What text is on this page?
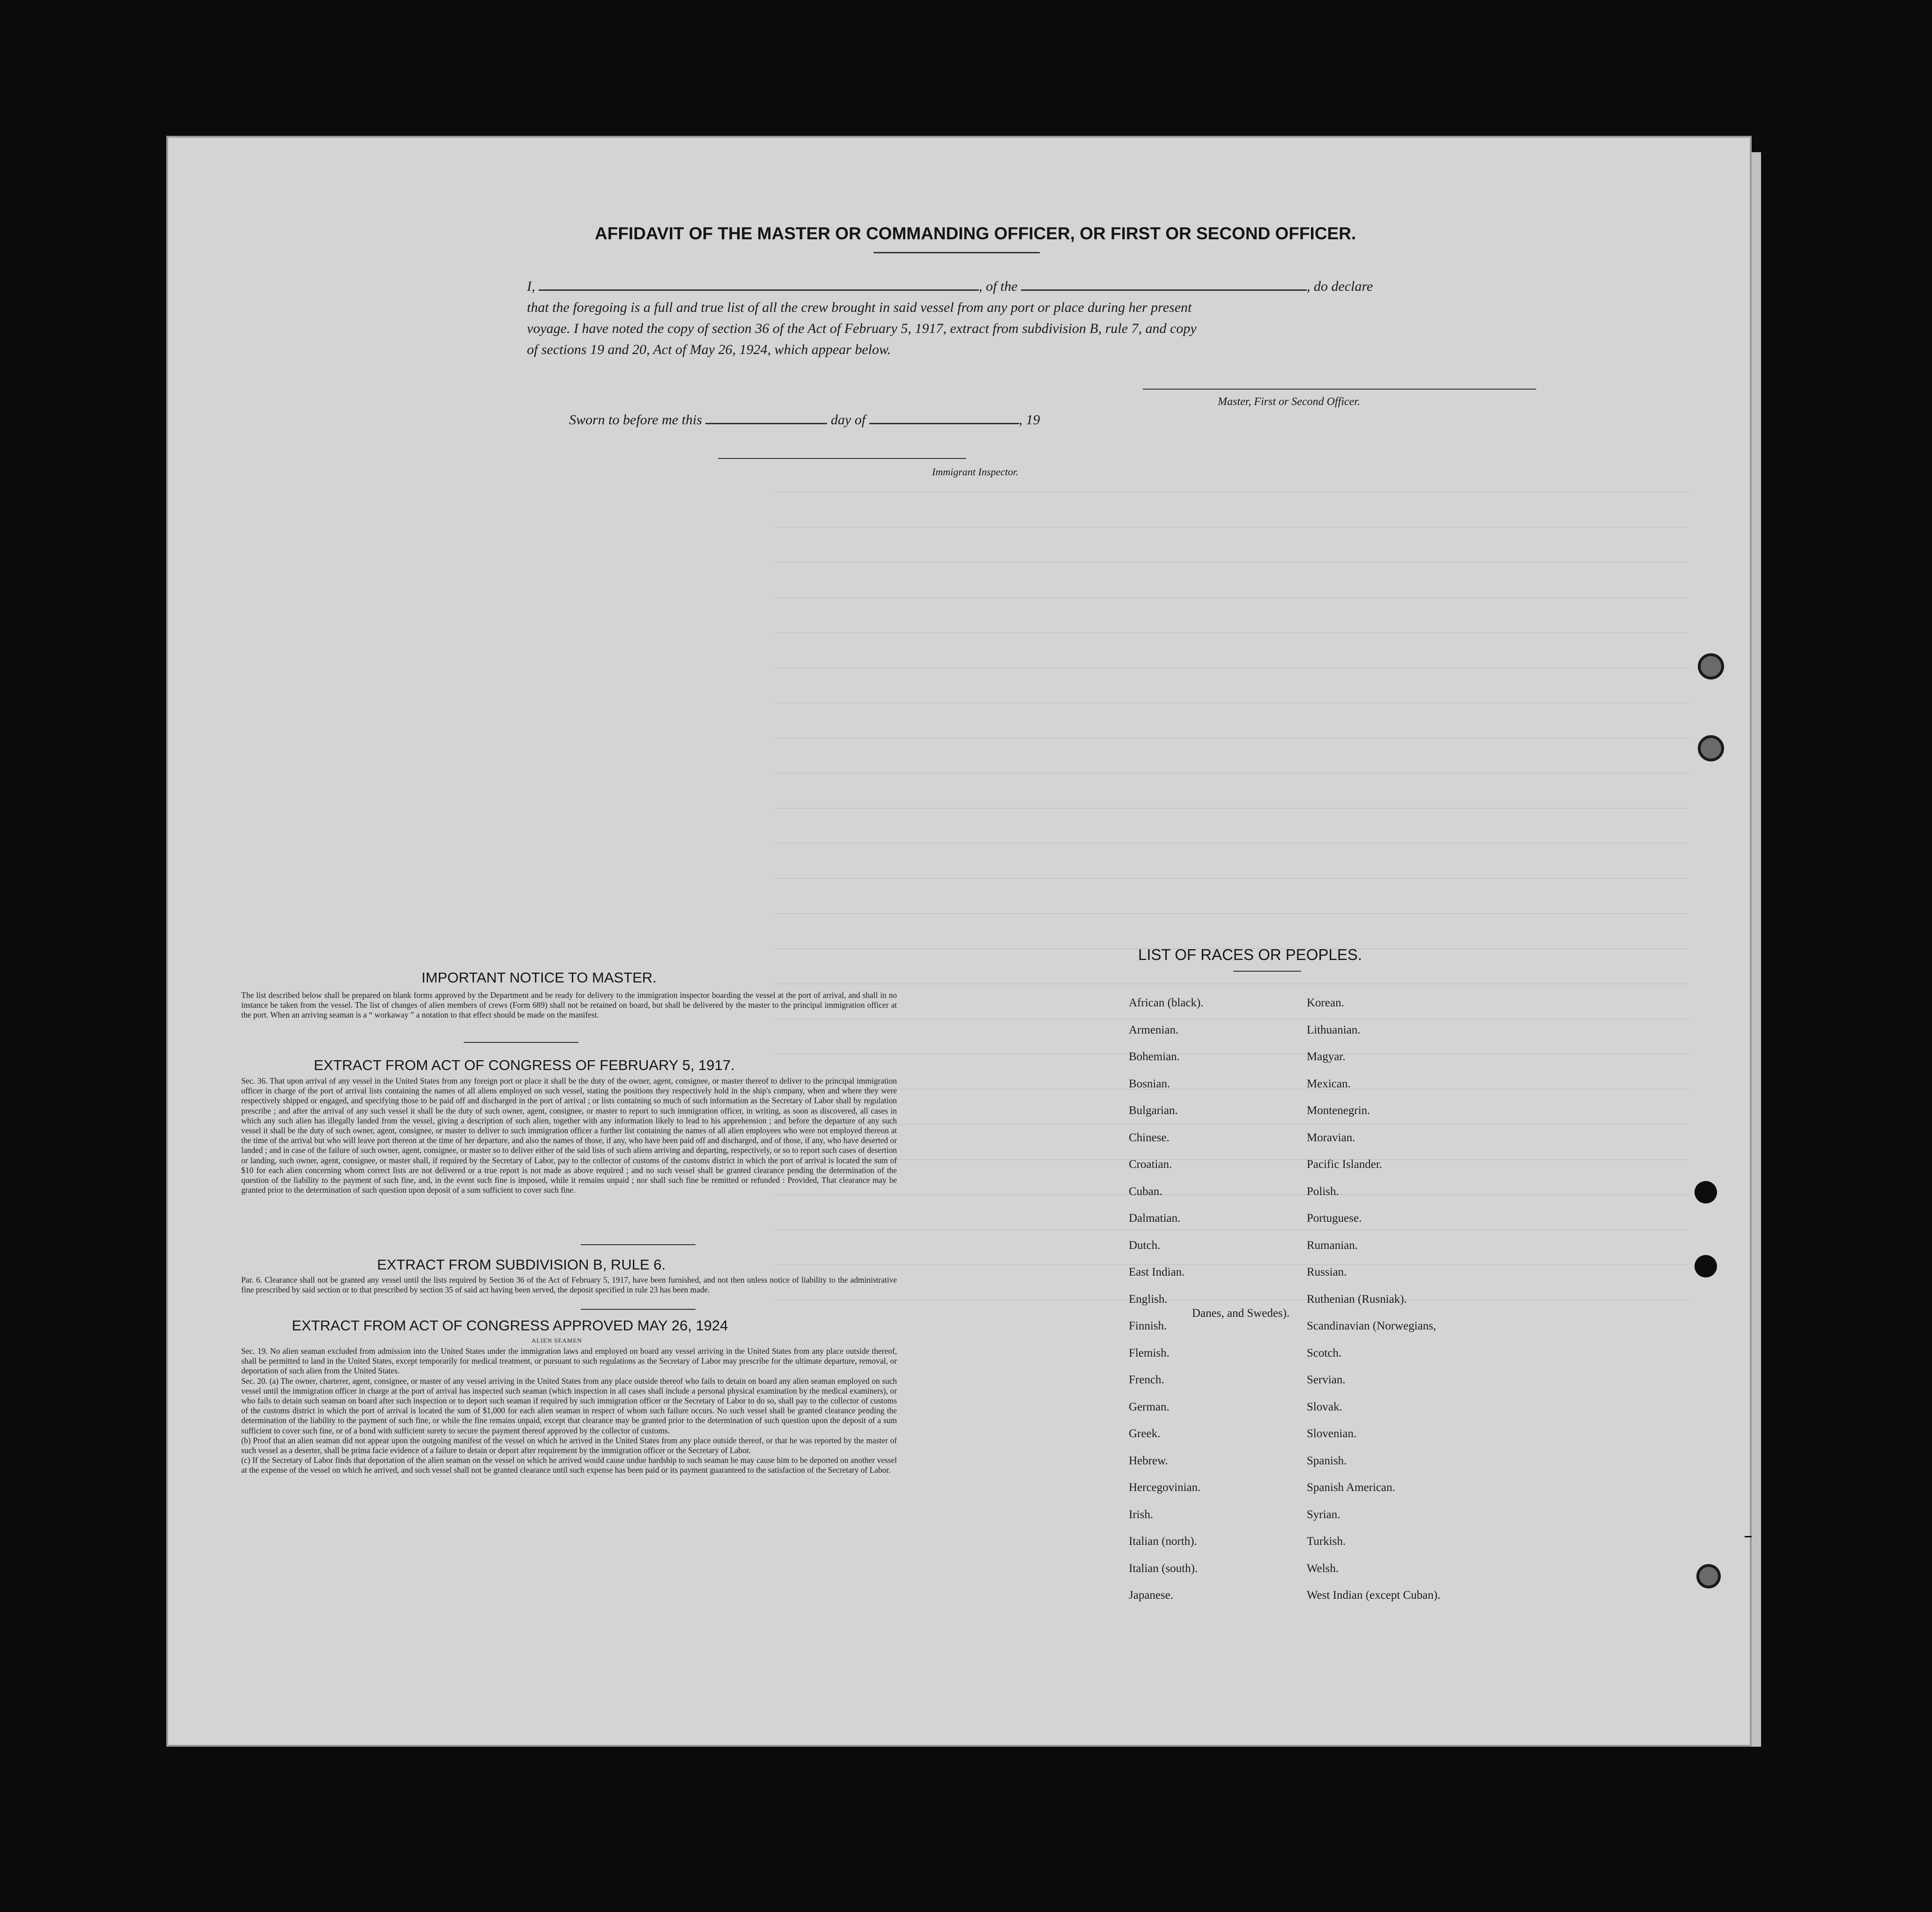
AFFIDAVIT OF THE MASTER OR COMMANDING OFFICER, OR FIRST OR SECOND OFFICER.
I,	, of the	, do declare
that the foregoing is a full and true list of all the crew brought in said vessel from any port or place during her present
voyage. I have noted the copy of section 36 of the Act of February 5, 1917, extract from subdivision B, rule 7, and copy
of sections 19 and 20, Act of May 26, 1924, which appear below.
Master, First or Second Officer.
Sworn to before me this	day of	, 19
Immigrant Inspector.
IMPORTANT NOTICE TO MASTER.
The list described below shall be prepared on blank forms approved by the Department and be ready for delivery to the immigration inspector boarding the vessel at the port of arrival, and shall in no instance be taken from the vessel. The list of changes of alien members of crews (Form 689) shall not be retained on board, but shall be delivered by the master to the principal immigration officer at the port. When an arriving seaman is a “ workaway ” a notation to that effect should be made on the manifest.
EXTRACT FROM ACT OF CONGRESS OF FEBRUARY 5, 1917.
Sec. 36. That upon arrival of any vessel in the United States from any foreign port or place it shall be the duty of the owner, agent, consignee, or master thereof to deliver to the principal immigration officer in charge of the port of arrival lists containing the names of all aliens employed on such vessel, stating the positions they respectively hold in the ship's company, when and where they were respectively shipped or engaged, and specifying those to be paid off and discharged in the port of arrival ; or lists containing so much of such information as the Secretary of Labor shall by regulation prescribe ; and after the arrival of any such vessel it shall be the duty of such owner, agent, consignee, or master to report to such immigration officer, in writing, as soon as discovered, all cases in which any such alien has illegally landed from the vessel, giving a description of such alien, together with any information likely to lead to his apprehension ; and before the departure of any such vessel it shall be the duty of such owner, agent, consignee, or master to deliver to such immigration officer a further list containing the names of all alien employees who were not employed thereon at the time of the arrival but who will leave port thereon at the time of her departure, and also the names of those, if any, who have been paid off and discharged, and of those, if any, who have deserted or landed ; and in case of the failure of such owner, agent, consignee, or master so to deliver either of the said lists of such aliens arriving and departing, respectively, or so to report such cases of desertion or landing, such owner, agent, consignee, or master shall, if required by the Secretary of Labor, pay to the collector of customs of the customs district in which the port of arrival is located the sum of $10 for each alien concerning whom correct lists are not delivered or a true report is not made as above required ; and no such vessel shall be granted clearance pending the determination of the question of the liability to the payment of such fine, and, in the event such fine is imposed, while it remains unpaid ; nor shall such fine be remitted or refunded : Provided, That clearance may be granted prior to the determination of such question upon deposit of a sum sufficient to cover such fine.
EXTRACT FROM SUBDIVISION B, RULE 6.
Par. 6. Clearance shall not be granted any vessel until the lists required by Section 36 of the Act of February 5, 1917, have been furnished, and not then unless notice of liability to the administrative fine prescribed by said section or to that prescribed by section 35 of said act having been served, the deposit specified in rule 23 has been made.
EXTRACT FROM ACT OF CONGRESS APPROVED MAY 26, 1924
ALIEN SEAMEN
Sec. 19. No alien seaman excluded from admission into the United States under the immigration laws and employed on board any vessel arriving in the United States from any place outside thereof, shall be permitted to land in the United States, except temporarily for medical treatment, or pursuant to such regulations as the Secretary of Labor may prescribe for the ultimate departure, removal, or deportation of such alien from the United States.
Sec. 20. (a) The owner, charterer, agent, consignee, or master of any vessel arriving in the United States from any place outside thereof who fails to detain on board any alien seaman employed on such vessel until the immigration officer in charge at the port of arrival has inspected such seaman (which inspection in all cases shall include a personal physical examination by the medical examiners), or who fails to detain such seaman on board after such inspection or to deport such seaman if required by such immigration officer or the Secretary of Labor to do so, shall pay to the collector of customs of the customs district in which the port of arrival is located the sum of $1,000 for each alien seaman in respect of whom such failure occurs. No such vessel shall be granted clearance pending the determination of the liability to the payment of such fine, or while the fine remains unpaid, except that clearance may be granted prior to the determination of such question upon the deposit of a sum sufficient to cover such fine, or of a bond with sufficient surety to secure the payment thereof approved by the collector of customs.
(b) Proof that an alien seaman did not appear upon the outgoing manifest of the vessel on which he arrived in the United States from any place outside thereof, or that he was reported by the master of such vessel as a deserter, shall be prima facie evidence of a failure to detain or deport after requirement by the immigration officer or the Secretary of Labor.
(c) If the Secretary of Labor finds that deportation of the alien seaman on the vessel on which he arrived would cause undue hardship to such seaman he may cause him to be deported on another vessel at the expense of the vessel on which he arrived, and such vessel shall not be granted clearance until such expense has been paid or its payment guaranteed to the satisfaction of the Secretary of Labor.
LIST OF RACES OR PEOPLES.
African (black).
Armenian.
Bohemian.
Bosnian.
Bulgarian.
Chinese.
Croatian.
Cuban.
Dalmatian.
Dutch.
East Indian.
English.
Finnish.
Flemish.
French.
German.
Greek.
Hebrew.
Hercegovinian.
Irish.
Italian (north).
Italian (south).
Japanese.
Korean.
Lithuanian.
Magyar.
Mexican.
Montenegrin.
Moravian.
Pacific Islander.
Polish.
Portuguese.
Rumanian.
Russian.
Ruthenian (Rusniak).
Scandinavian (Norwegians,
Danes, and Swedes).
Scotch.
Servian.
Slovak.
Slovenian.
Spanish.
Spanish American.
Syrian.
Turkish.
Welsh.
West Indian (except Cuban).
